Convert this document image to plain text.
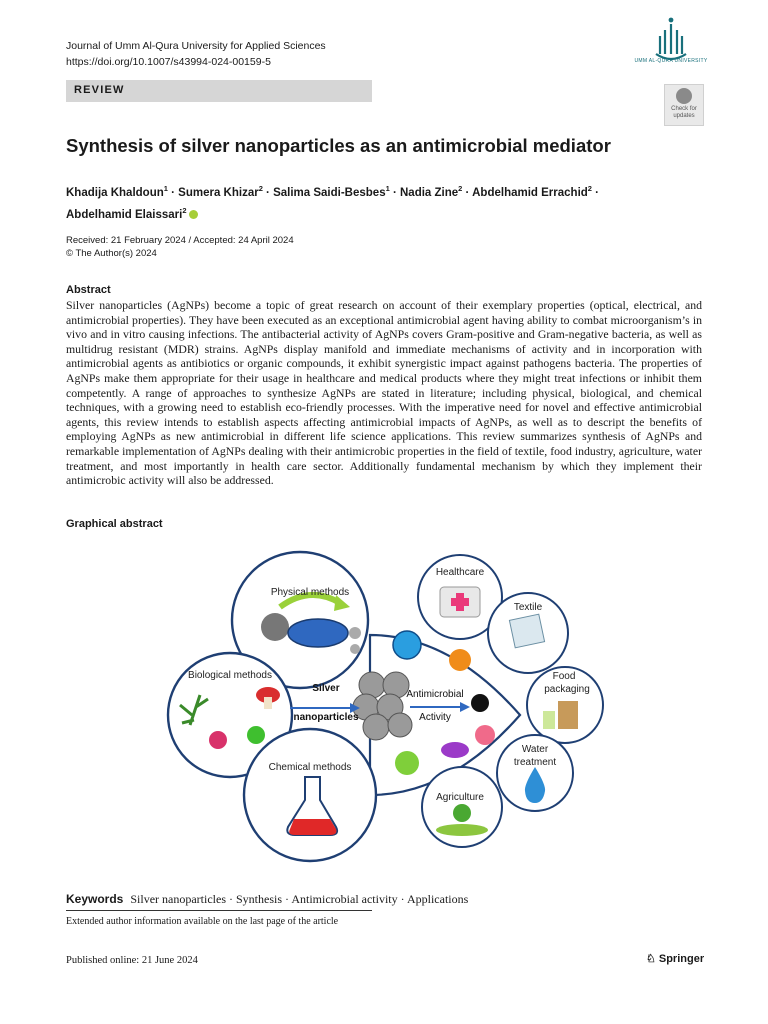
Journal of Umm Al-Qura University for Applied Sciences
https://doi.org/10.1007/s43994-024-00159-5	UMM AL-QURA UNIVERSITY
REVIEW
Check for updates
Synthesis of silver nanoparticles as an antimicrobial mediator
Khadija Khaldoun$^1$ · Sumera Khizar$^2$ · Salima Saidi-Besbes$^1$ · Nadia Zine$^2$ · Abdelhamid Errachid$^2$ ·
Abdelhamid Elaissari$^2$
Received: 21 February 2024 / Accepted: 24 April 2024
© The Author(s) 2024
Abstract
Silver nanoparticles (AgNPs) become a topic of great research on account of their exemplary properties (optical, electrical, and antimicrobial properties). They have been executed as an exceptional antimicrobial agent having ability to combat microorganism’s in vivo and in vitro causing infections. The antibacterial activity of AgNPs covers Gram-positive and Gram-negative bacteria, as well as multidrug resistant (MDR) strains. AgNPs display manifold and immediate mechanisms of activity and in incorporation with antimicrobial agents as antibiotics or organic compounds, it exhibit synergistic impact against pathogens bacteria. The properties of AgNPs make them appropriate for their usage in healthcare and medical products where they might treat infections or inhibit them competently. A range of approaches to synthesize AgNPs are stated in literature; including physical, biological, and chemical techniques, with a growing need to establish eco-friendly processes. With the imperative need for novel and effective antimicrobial agents, this review intends to establish aspects affecting antimicrobial impacts of AgNPs, as well as to descript the benefits of employing AgNPs as new antimicrobial in different life science applications. This review summarizes synthesis of AgNPs and remarkable implementation of AgNPs dealing with their antimicrobic properties in the field of textile, food industry, agriculture, water treatment, and most importantly in health care sector. Additionally fundamental mechanism by which they implement their antimicrobic activity will also be addressed.
Graphical abstract
Physical methods
Biological methods
Chemical methods
Silver
nanoparticles
Antimicrobial
Activity
Healthcare
Textile
Food
packaging
Water
treatment
Agriculture
Keywords Silver nanoparticles · Synthesis · Antimicrobial activity · Applications
Extended author information available on the last page of the article
Published online: 21 June 2024	♘ Springer
